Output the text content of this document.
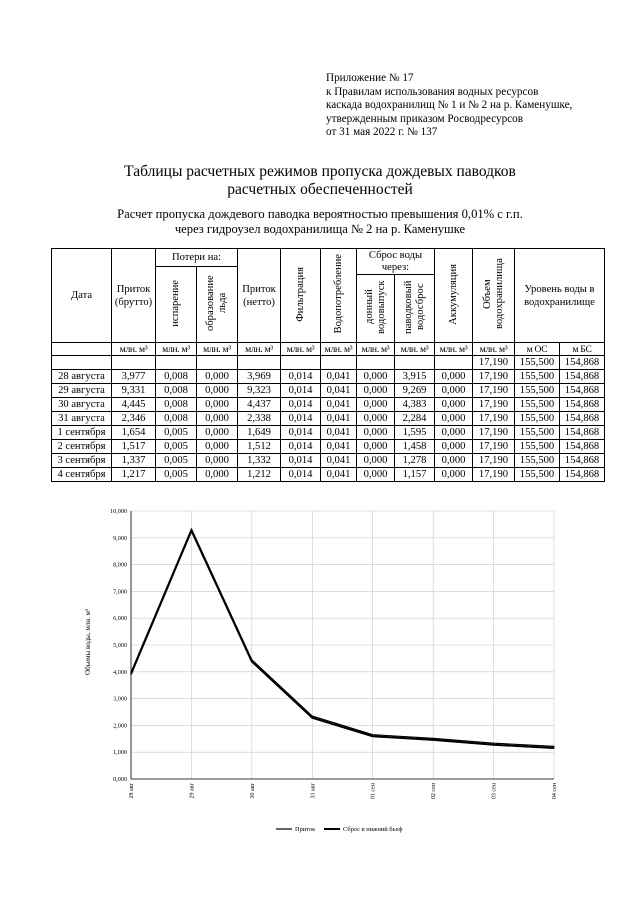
Приложение № 17
к Правилам использования водных ресурсов
каскада водохранилищ № 1 и № 2 на р. Каменушке,
утвержденным приказом Росводресурсов
от 31 мая 2022 г. № 137
Таблицы расчетных режимов пропуска дождевых паводков
расчетных обеспеченностей
Расчет пропуска дождевого паводка вероятностью превышения 0,01% с г.п.
через гидроузел водохранилища № 2 на р. Каменушке
Дата	Приток (брутто)	Потери на:		Приток (нетто)	Фильтрация	Водопотребление	Сброс воды через:		Аккумуляция	Объем водохранилища	Уровень воды в водохранилище	
		испарение	образование льда									
							донный водовыпуск	паводковый водосброс				
	млн. м³	млн. м³	млн. м³	млн. м³	млн. м³	млн. м³	млн. м³	млн. м³	млн. м³	млн. м³	м ОС	м БС
										17,190	155,500	154,868
28 августа	3,977	0,008	0,000	3,969	0,014	0,041	0,000	3,915	0,000	17,190	155,500	154,868
29 августа	9,331	0,008	0,000	9,323	0,014	0,041	0,000	9,269	0,000	17,190	155,500	154,868
30 августа	4,445	0,008	0,000	4,437	0,014	0,041	0,000	4,383	0,000	17,190	155,500	154,868
31 августа	2,346	0,008	0,000	2,338	0,014	0,041	0,000	2,284	0,000	17,190	155,500	154,868
1 сентября	1,654	0,005	0,000	1,649	0,014	0,041	0,000	1,595	0,000	17,190	155,500	154,868
2 сентября	1,517	0,005	0,000	1,512	0,014	0,041	0,000	1,458	0,000	17,190	155,500	154,868
3 сентября	1,337	0,005	0,000	1,332	0,014	0,041	0,000	1,278	0,000	17,190	155,500	154,868
4 сентября	1,217	0,005	0,000	1,212	0,014	0,041	0,000	1,157	0,000	17,190	155,500	154,868
0,000
1,000
2,000
3,000
4,000
5,000
6,000
7,000
8,000
9,000
10,000
28 авг	29 авг	30 авг	31 авг	01 сен	02 сен	03 сен	04 сен
Приток	Сброс в нижний бьеф
Объемы воды, млн. м³
